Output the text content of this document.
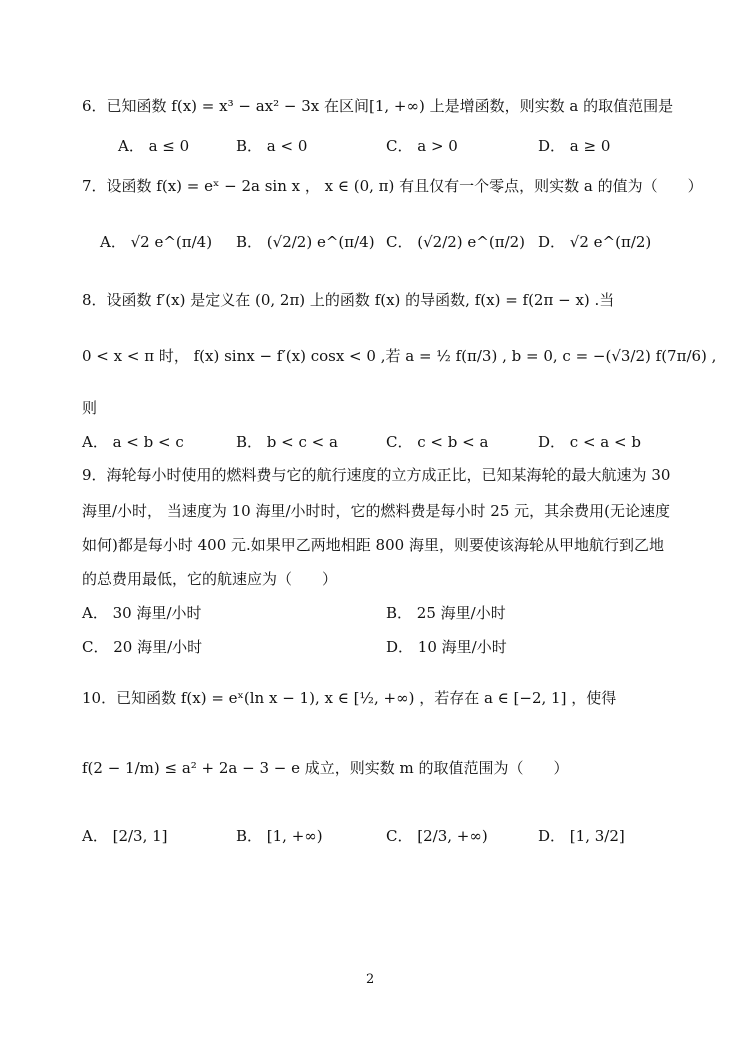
6．已知函数 f(x) = x³ − ax² − 3x 在区间[1, +∞) 上是增函数，则实数 a 的取值范围是
A． a ≤ 0	B． a < 0	C． a > 0	D． a ≥ 0
7．设函数 f(x) = eˣ − 2a sin x ， x ∈ (0, π) 有且仅有一个零点，则实数 a 的值为（　　）
A． √2 e^(π/4) B． (√2/2) e^(π/4) C． (√2/2) e^(π/2) D． √2 e^(π/2)
8．设函数 f′(x) 是定义在 (0, 2π) 上的函数 f(x) 的导函数, f(x) = f(2π − x) .当
0 < x < π 时， f(x) sinx − f′(x) cosx < 0 ,若 a = ½ f(π/3) , b = 0, c = −(√3/2) f(7π/6) ,
则
A． a < b < c	B． b < c < a	C． c < b < a	D． c < a < b
9．海轮每小时使用的燃料费与它的航行速度的立方成正比，已知某海轮的最大航速为 30
海里/小时， 当速度为 10 海里/小时时，它的燃料费是每小时 25 元，其余费用(无论速度
如何)都是每小时 400 元.如果甲乙两地相距 800 海里，则要使该海轮从甲地航行到乙地
的总费用最低，它的航速应为（　　）
A． 30 海里/小时	B． 25 海里/小时
C． 20 海里/小时	D． 10 海里/小时
10．已知函数 f(x) = eˣ(ln x − 1), x ∈ [½, +∞) ，若存在 a ∈ [−2, 1] ，使得
f(2 − 1/m) ≤ a² + 2a − 3 − e 成立，则实数 m 的取值范围为（　　）
A． [2/3, 1]	B． [1, +∞)	C． [2/3, +∞)	D． [1, 3/2]
2
